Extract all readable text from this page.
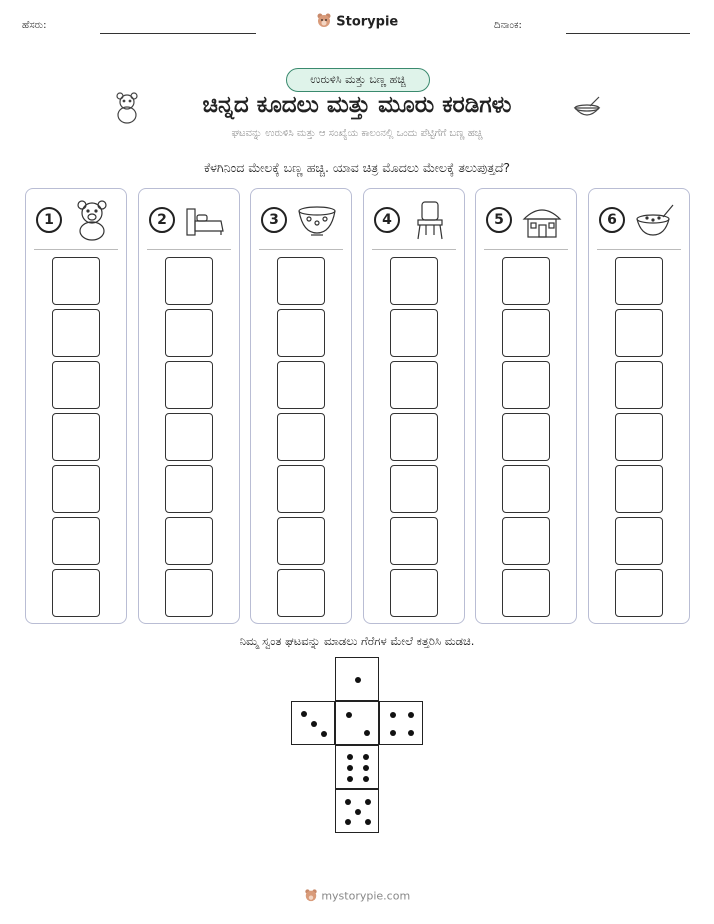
ಹೆಸರು:	ದಿನಾಂಕ:
Storypie
ಉರುಳಿಸಿ ಮತ್ತು ಬಣ್ಣ ಹಚ್ಚಿ
ಚಿನ್ನದ ಕೂದಲು ಮತ್ತು ಮೂರು ಕರಡಿಗಳು
ಘಟವನ್ನು ಉರುಳಿಸಿ ಮತ್ತು ಆ ಸಂಖ್ಯೆಯ ಕಾಲಂನಲ್ಲಿ ಒಂದು ಪೆಟ್ಟಿಗೆಗೆ ಬಣ್ಣ ಹಚ್ಚಿ
ಕೆಳಗಿನಿಂದ ಮೇಲಕ್ಕೆ ಬಣ್ಣ ಹಚ್ಚಿ. ಯಾವ ಚಿತ್ರ ಮೊದಲು ಮೇಲಕ್ಕೆ ತಲುಪುತ್ತದೆ?
1	2	3	4	5	6
ನಿಮ್ಮ ಸ್ವಂತ ಘಟವನ್ನು ಮಾಡಲು ಗೆರೆಗಳ ಮೇಲೆ ಕತ್ತರಿಸಿ ಮಡಚಿ.
mystorypie.com
